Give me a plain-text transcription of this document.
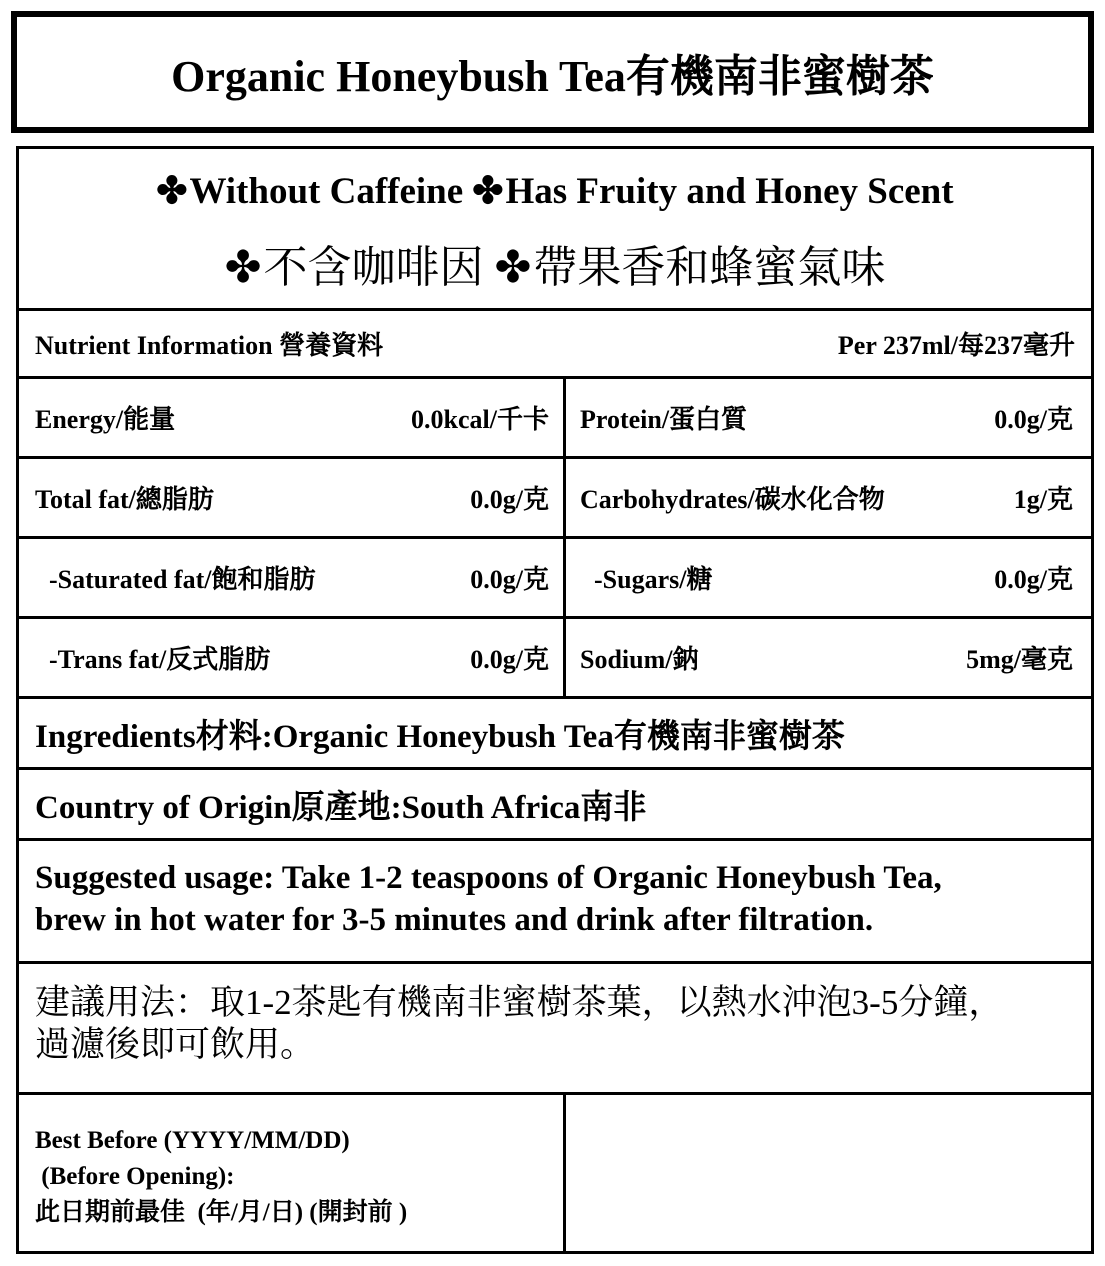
Organic Honeybush Tea有機南非蜜樹茶
✤Without Caffeine ✤Has Fruity and Honey Scent
✤不含咖啡因 ✤帶果香和蜂蜜氣味
Nutrient Information 營養資料	Per 237ml/每237毫升
Energy/能量	0.0kcal/千卡 Protein/蛋白質	0.0g/克
Total fat/總脂肪	0.0g/克 Carbohydrates/碳水化合物	1g/克
-Saturated fat/飽和脂肪	0.0g/克	-Sugars/糖	0.0g/克
-Trans fat/反式脂肪	0.0g/克 Sodium/鈉	5mg/毫克
Ingredients材料:Organic Honeybush Tea有機南非蜜樹茶
Country of Origin原產地:South Africa南非
Suggested usage: Take 1-2 teaspoons of Organic Honeybush Tea,
brew in hot water for 3-5 minutes and drink after filtration.
建議用法：取1-2茶匙有機南非蜜樹茶葉，以熱水沖泡3-5分鐘，
過濾後即可飲用。
Best Before (YYYY/MM/DD)
(Before Opening):
此日期前最佳  (年/月/日) (開封前 )
